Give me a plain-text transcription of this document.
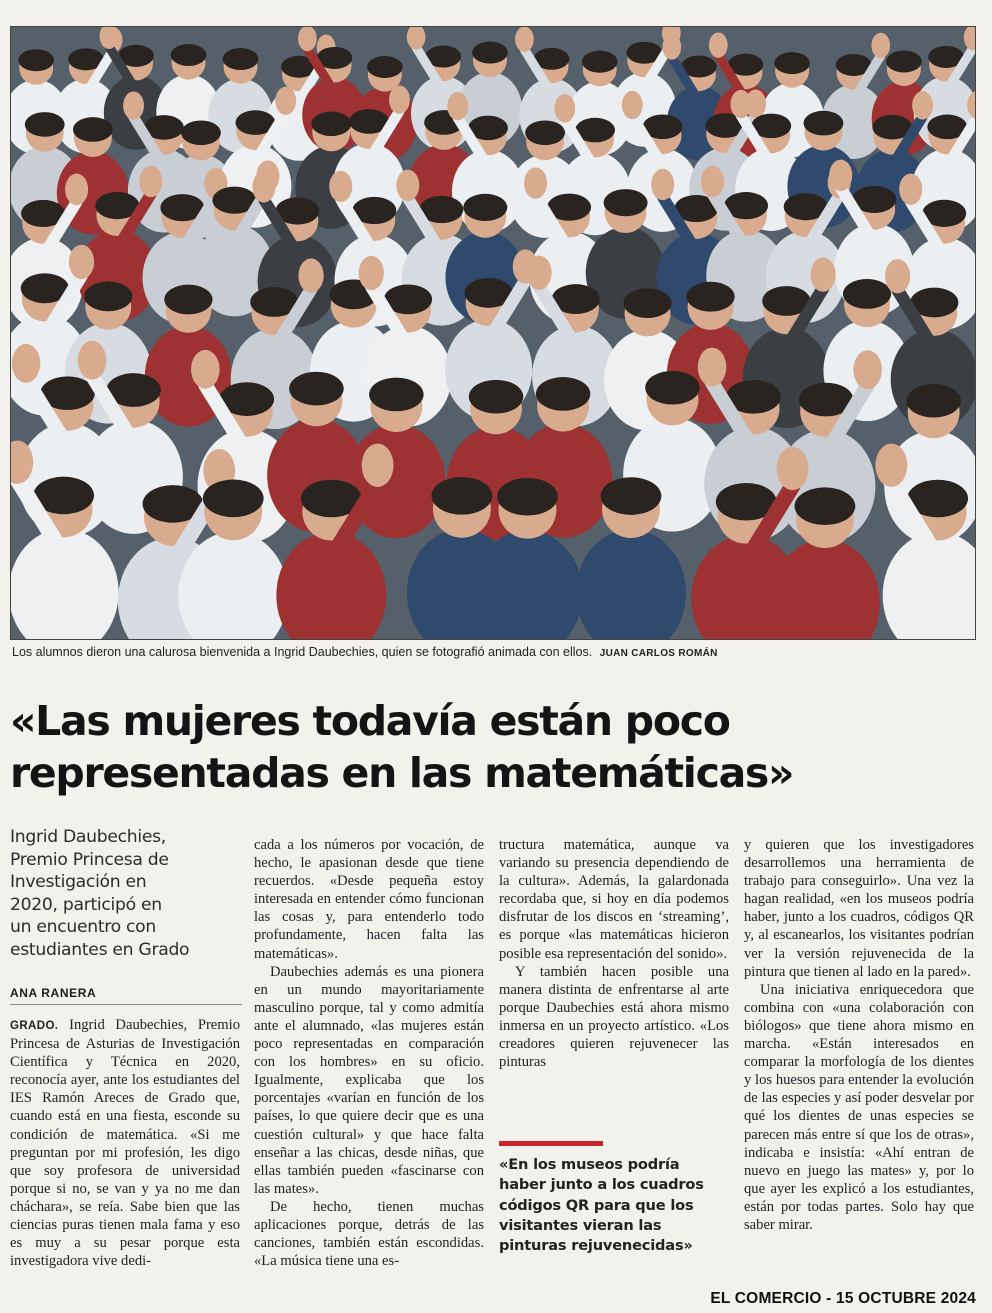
Los alumnos dieron una calurosa bienvenida a Ingrid Daubechies, quien se fotografió animada con ellos. JUAN CARLOS ROMÁN
«Las mujeres todavía están poco
representadas en las matemáticas»
Ingrid Daubechies,
Premio Princesa de
Investigación en
2020, participó en
un encuentro con
estudiantes en Grado
ANA RANERA

GRADO. Ingrid Daubechies, Premio Princesa de Asturias de Investigación Científica y Técnica en 2020, reconocía ayer, ante los estudiantes del IES Ramón Areces de Grado que, cuando está en una fiesta, esconde su condición de matemática. «Si me preguntan por mi profesión, les digo que soy profesora de universidad porque si no, se van y ya no me dan cháchara», se reía. Sabe bien que las ciencias puras tienen mala fama y eso es muy a su pesar porque esta investigadora vive dedi-

cada a los números por vocación, de hecho, le apasionan desde que tiene recuerdos. «Desde pequeña estoy interesada en entender cómo funcionan las cosas y, para entenderlo todo profundamente, hacen falta las matemáticas».

Daubechies además es una pionera en un mundo mayoritariamente masculino porque, tal y como admitía ante el alumnado, «las mujeres están poco representadas en comparación con los hombres» en su oficio. Igualmente, explicaba que los porcentajes «varían en función de los países, lo que quiere decir que es una cuestión cultural» y que hace falta enseñar a las chicas, desde niñas, que ellas también pueden «fascinarse con las mates».

De hecho, tienen muchas aplicaciones porque, detrás de las canciones, también están escondidas. «La música tiene una es-

tructura matemática, aunque va variando su presencia dependiendo de la cultura». Además, la galardonada recordaba que, si hoy en día podemos disfrutar de los discos en ‘streaming’, es porque «las matemáticas hicieron posible esa representación del sonido».

Y también hacen posible una manera distinta de enfrentarse al arte porque Daubechies está ahora mismo inmersa en un proyecto artístico. «Los creadores quieren rejuvenecer las pinturas

«En los museos podría haber junto a los cuadros códigos QR para que los visitantes vieran las pinturas rejuvenecidas»

y quieren que los investigadores desarrollemos una herramienta de trabajo para conseguirlo». Una vez la hagan realidad, «en los museos podría haber, junto a los cuadros, códigos QR y, al escanearlos, los visitantes podrían ver la versión rejuvenecida de la pintura que tienen al lado en la pared».

Una iniciativa enriquecedora que combina con «una colaboración con biólogos» que tiene ahora mismo en marcha. «Están interesados en comparar la morfología de los dientes y los huesos para entender la evolución de las especies y así poder desvelar por qué los dientes de unas especies se parecen más entre sí que los de otras», indicaba e insistía: «Ahí entran de nuevo en juego las mates» y, por lo que ayer les explicó a los estudiantes, están por todas partes. Solo hay que saber mirar.

EL COMERCIO - 15 OCTUBRE 2024
